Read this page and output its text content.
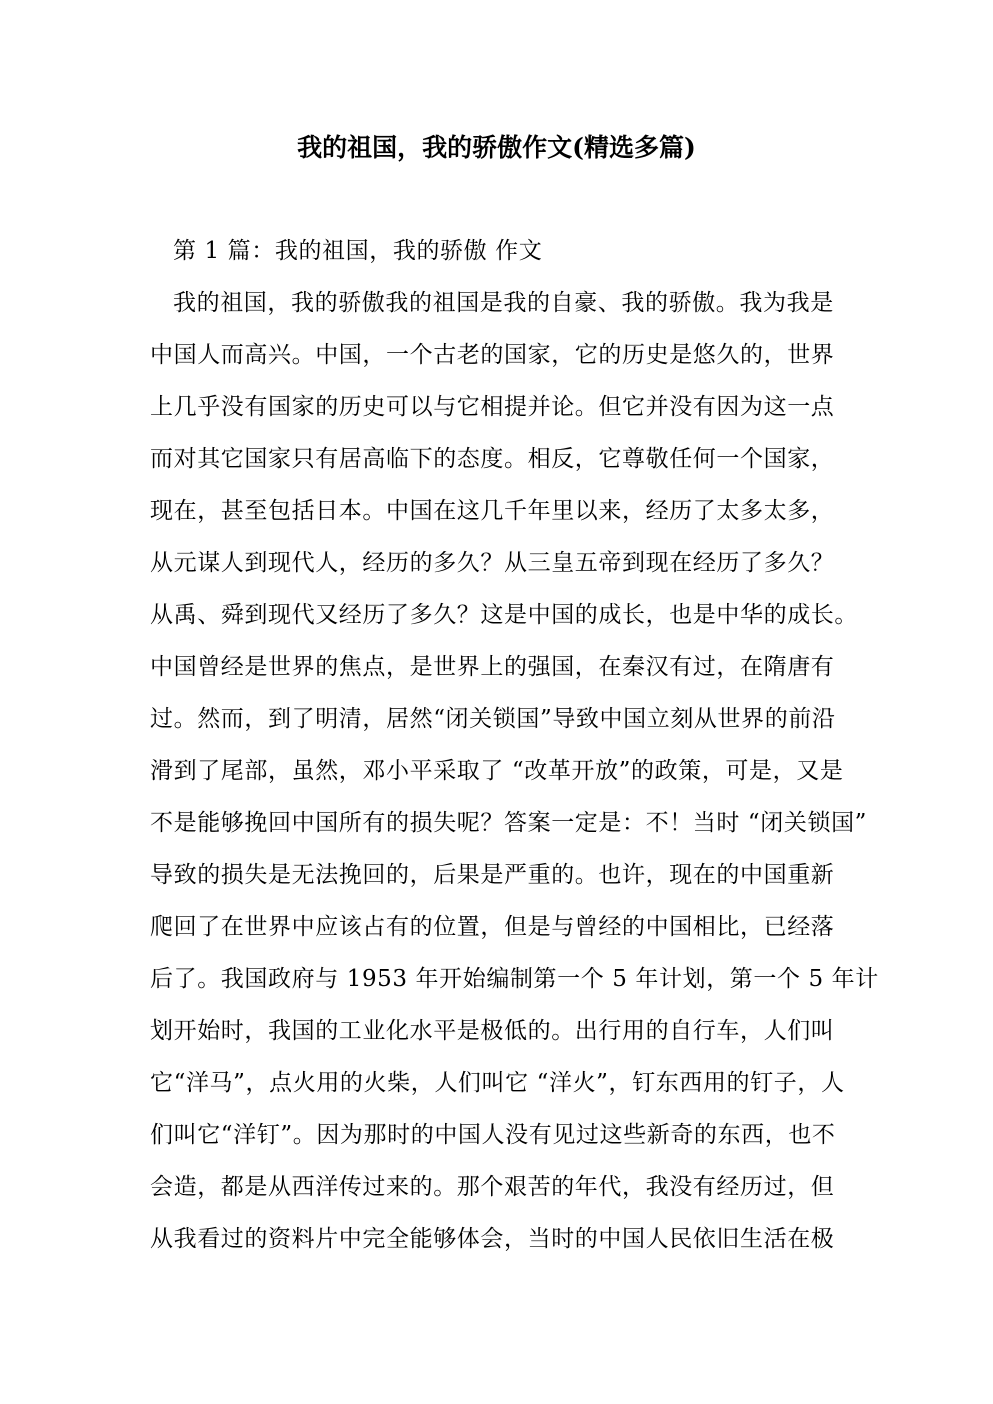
我的祖国，我的骄傲作文(精选多篇)
第 1 篇：我的祖国，我的骄傲 作文
我的祖国，我的骄傲我的祖国是我的自豪、我的骄傲。我为我是
中国人而高兴。中国，一个古老的国家，它的历史是悠久的，世界
上几乎没有国家的历史可以与它相提并论。但它并没有因为这一点
而对其它国家只有居高临下的态度。相反，它尊敬任何一个国家，
现在，甚至包括日本。中国在这几千年里以来，经历了太多太多，
从元谋人到现代人，经历的多久？从三皇五帝到现在经历了多久？
从禹、舜到现代又经历了多久？这是中国的成长，也是中华的成长。
中国曾经是世界的焦点，是世界上的强国，在秦汉有过，在隋唐有
过。然而，到了明清，居然“闭关锁国”导致中国立刻从世界的前沿
滑到了尾部，虽然，邓小平采取了 “改革开放”的政策，可是，又是
不是能够挽回中国所有的损失呢？答案一定是：不！当时 “闭关锁国”
导致的损失是无法挽回的，后果是严重的。也许，现在的中国重新
爬回了在世界中应该占有的位置，但是与曾经的中国相比，已经落
后了。我国政府与 1953 年开始编制第一个 5 年计划，第一个 5 年计
划开始时，我国的工业化水平是极低的。出行用的自行车，人们叫
它“洋马”，点火用的火柴，人们叫它 “洋火”，钉东西用的钉子，人
们叫它“洋钉”。因为那时的中国人没有见过这些新奇的东西，也不
会造，都是从西洋传过来的。那个艰苦的年代，我没有经历过，但
从我看过的资料片中完全能够体会，当时的中国人民依旧生活在极
